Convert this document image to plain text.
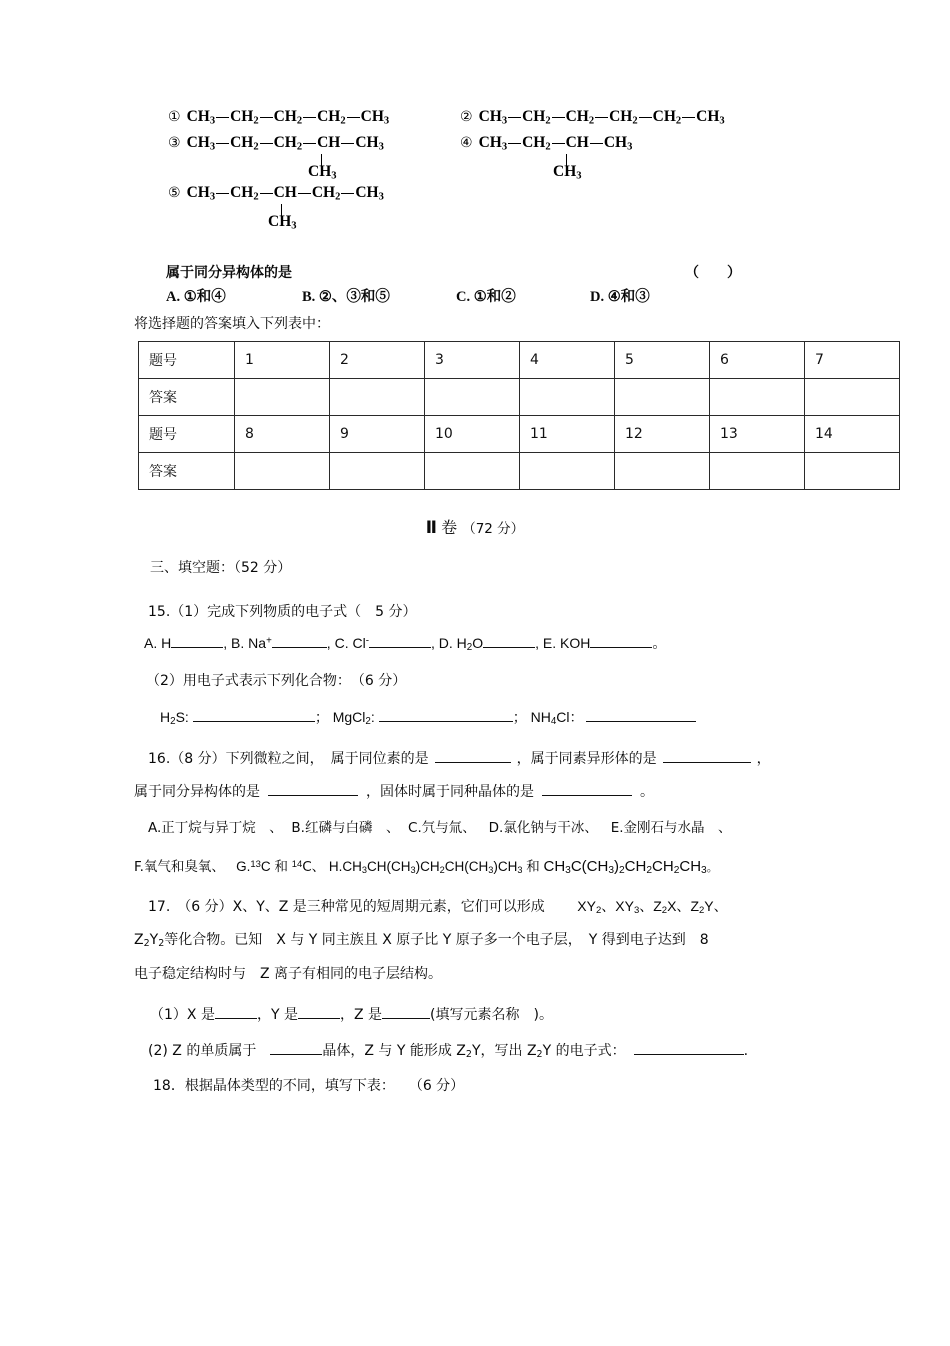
① $CH_3$ $CH_2$ $CH_2$ $CH_2$ $CH_3$	② $CH_3$ $CH_2$ $CH_2$ $CH_2$ $CH_2$ $CH_3$
③ $CH_3$ $CH_2$ $CH_2$ CH $CH_3$	④ $CH_3$ $CH_2$ CH $CH_3$
$CH_3$	$CH_3$
⑤ $CH_3$ $CH_2$ CH $CH_2$ $CH_3$
$CH_3$
属于同分异构体的是	（　　）
A. ①和④	B. ②、③和⑤	C. ①和②	D. ④和③
将选择题的答案填入下列表中：
题号	1	2	3	4	5	6	7
答案							
题号	8	9	10	11	12	13	14
答案							
Ⅱ 卷 （72 分）
三、填空题：（52 分）
15.（1）完成下列物质的电子式（　5 分）
A. H	, B. Na+	, C. Cl-	, D. $H_2O$	, E. KOH	。
（2）用电子式表示下列化合物：　（6 分）
$H_2S$:	； MgCl$_2$:	； $NH_4Cl$：
16.（8 分）下列微粒之间，　属于同位素的是	，属于同素异形体的是	，
属于同分异构体的是	，固体时属于同种晶体的是	。
A.正丁烷与异丁烷　、 B.红磷与白磷　、 C.氕与氚、 D.氯化钠与干冰、 E.金刚石与水晶　、
F.氧气和臭氧、 G.$^{13}$C 和 $^{14}$C、 $H.CH_3CH(CH_3)CH_2CH(CH_3)CH_3$ 和 $CH_3C(CH_3)_2CH_2CH_2CH_3$。
17.　（6 分）X、Y、Z 是三种常见的短周期元素，它们可以形成　　 $XY_2$、$XY_3$、$Z_2X$、$Z_2Y$、
$Z_2Y_2$等化合物。已知　X 与 Y 同主族且 X 原子比 Y 原子多一个电子层，　Y 得到电子达到　8
电子稳定结构时与　Z 离子有相同的电子层结构。
（1）X 是	，Y 是	，Z 是	(填写元素名称　)。
(2) Z 的单质属于　	晶体，Z 与 Y 能形成 $Z_2Y$，写出 $Z_2Y$ 的电子式：	.
18．根据晶体类型的不同，填写下表：　　（6 分）
